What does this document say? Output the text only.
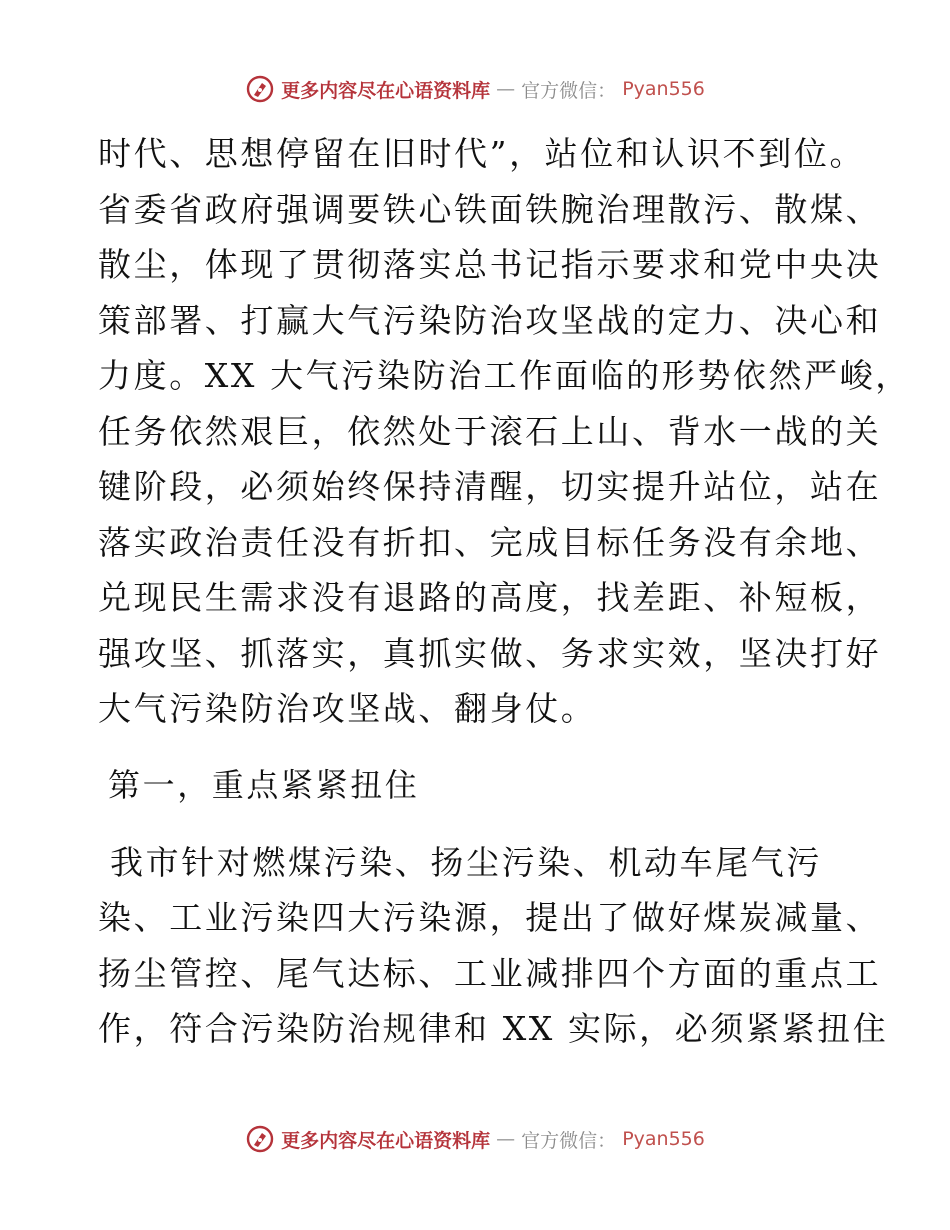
更多内容尽在心语资料库 — 官方微信： Pyan556
时代、思想停留在旧时代”，站位和认识不到位。
省委省政府强调要铁心铁面铁腕治理散污、散煤、
散尘，体现了贯彻落实总书记指示要求和党中央决
策部署、打赢大气污染防治攻坚战的定力、决心和
力度。XX 大气污染防治工作面临的形势依然严峻，
任务依然艰巨，依然处于滚石上山、背水一战的关
键阶段，必须始终保持清醒，切实提升站位，站在
落实政治责任没有折扣、完成目标任务没有余地、
兑现民生需求没有退路的高度，找差距、补短板，
强攻坚、抓落实，真抓实做、务求实效，坚决打好
大气污染防治攻坚战、翻身仗。
第一，重点紧紧扭住
我市针对燃煤污染、扬尘污染、机动车尾气污
染、工业污染四大污染源，提出了做好煤炭减量、
扬尘管控、尾气达标、工业减排四个方面的重点工
作，符合污染防治规律和 XX 实际，必须紧紧扭住
更多内容尽在心语资料库 — 官方微信： Pyan556
